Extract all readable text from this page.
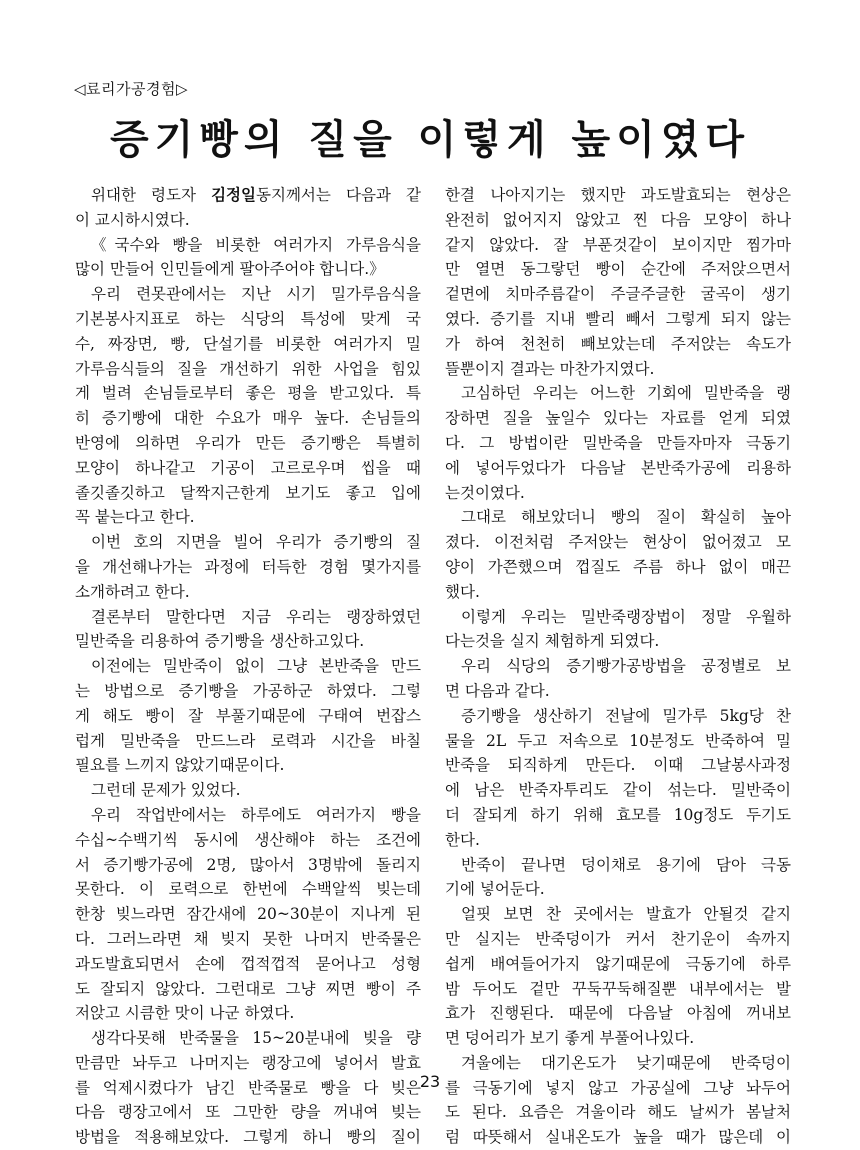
◁료리가공경험▷
증기빵의 질을 이렇게 높이였다
위대한 령도자 김정일동지께서는 다음과 같
이 교시하시였다.
《국수와 빵을 비롯한 여러가지 가루음식을
많이 만들어 인민들에게 팔아주어야 합니다.》
우리 련못관에서는 지난 시기 밀가루음식을
기본봉사지표로 하는 식당의 특성에 맞게 국
수, 짜장면, 빵, 단설기를 비롯한 여러가지 밀
가루음식들의 질을 개선하기 위한 사업을 힘있
게 벌려 손님들로부터 좋은 평을 받고있다. 특
히 증기빵에 대한 수요가 매우 높다. 손님들의
반영에 의하면 우리가 만든 증기빵은 특별히
모양이 하나같고 기공이 고르로우며 씹을 때
졸깃졸깃하고 달짝지근한게 보기도 좋고 입에
꼭 붙는다고 한다.
이번 호의 지면을 빌어 우리가 증기빵의 질
을 개선해나가는 과정에 터득한 경험 몇가지를
소개하려고 한다.
결론부터 말한다면 지금 우리는 랭장하였던
밀반죽을 리용하여 증기빵을 생산하고있다.
이전에는 밀반죽이 없이 그냥 본반죽을 만드
는 방법으로 증기빵을 가공하군 하였다. 그렇
게 해도 빵이 잘 부풀기때문에 구태여 번잡스
럽게 밀반죽을 만드느라 로력과 시간을 바칠
필요를 느끼지 않았기때문이다.
그런데 문제가 있었다.
우리 작업반에서는 하루에도 여러가지 빵을
수십~수백기씩 동시에 생산해야 하는 조건에
서 증기빵가공에 2명, 많아서 3명밖에 돌리지
못한다. 이 로력으로 한번에 수백알씩 빚는데
한창 빚느라면 잠간새에 20~30분이 지나게 된
다. 그러느라면 채 빚지 못한 나머지 반죽물은
과도발효되면서 손에 껍적껍적 묻어나고 성형
도 잘되지 않았다. 그런대로 그냥 찌면 빵이 주
저앉고 시큼한 맛이 나군 하였다.
생각다못해 반죽물을 15~20분내에 빚을 량
만큼만 놔두고 나머지는 랭장고에 넣어서 발효
를 억제시켰다가 남긴 반죽물로 빵을 다 빚은
다음 랭장고에서 또 그만한 량을 꺼내여 빚는
방법을 적용해보았다. 그렇게 하니 빵의 질이
한결 나아지기는 했지만 과도발효되는 현상은
완전히 없어지지 않았고 찐 다음 모양이 하나
같지 않았다. 잘 부푼것같이 보이지만 찜가마
만 열면 동그랗던 빵이 순간에 주저앉으면서
겉면에 치마주름같이 주글주글한 굴곡이 생기
였다. 증기를 지내 빨리 빼서 그렇게 되지 않는
가 하여 천천히 빼보았는데 주저앉는 속도가
뜰뿐이지 결과는 마찬가지였다.
고심하던 우리는 어느한 기회에 밀반죽을 랭
장하면 질을 높일수 있다는 자료를 얻게 되였
다. 그 방법이란 밀반죽을 만들자마자 극동기
에 넣어두었다가 다음날 본반죽가공에 리용하
는것이였다.
그대로 해보았더니 빵의 질이 확실히 높아
졌다. 이전처럼 주저앉는 현상이 없어졌고 모
양이 가쯘했으며 껍질도 주름 하나 없이 매끈
했다.
이렇게 우리는 밀반죽랭장법이 정말 우월하
다는것을 실지 체험하게 되였다.
우리 식당의 증기빵가공방법을 공정별로 보
면 다음과 같다.
증기빵을 생산하기 전날에 밀가루 5kg당 찬
물을 2L 두고 저속으로 10분정도 반죽하여 밀
반죽을 되직하게 만든다. 이때 그날봉사과정
에 남은 반죽자투리도 같이 섞는다. 밀반죽이
더 잘되게 하기 위해 효모를 10g정도 두기도
한다.
반죽이 끝나면 덩이채로 용기에 담아 극동
기에 넣어둔다.
얼핏 보면 찬 곳에서는 발효가 안될것 같지
만 실지는 반죽덩이가 커서 찬기운이 속까지
쉽게 배여들어가지 않기때문에 극동기에 하루
밤 두어도 겉만 꾸둑꾸둑해질뿐 내부에서는 발
효가 진행된다. 때문에 다음날 아침에 꺼내보
면 덩어리가 보기 좋게 부풀어나있다.
겨울에는 대기온도가 낮기때문에 반죽덩이
를 극동기에 넣지 않고 가공실에 그냥 놔두어
도 된다. 요즘은 겨울이라 해도 날씨가 봄날처
럼 따뜻해서 실내온도가 높을 때가 많은데 이
23
